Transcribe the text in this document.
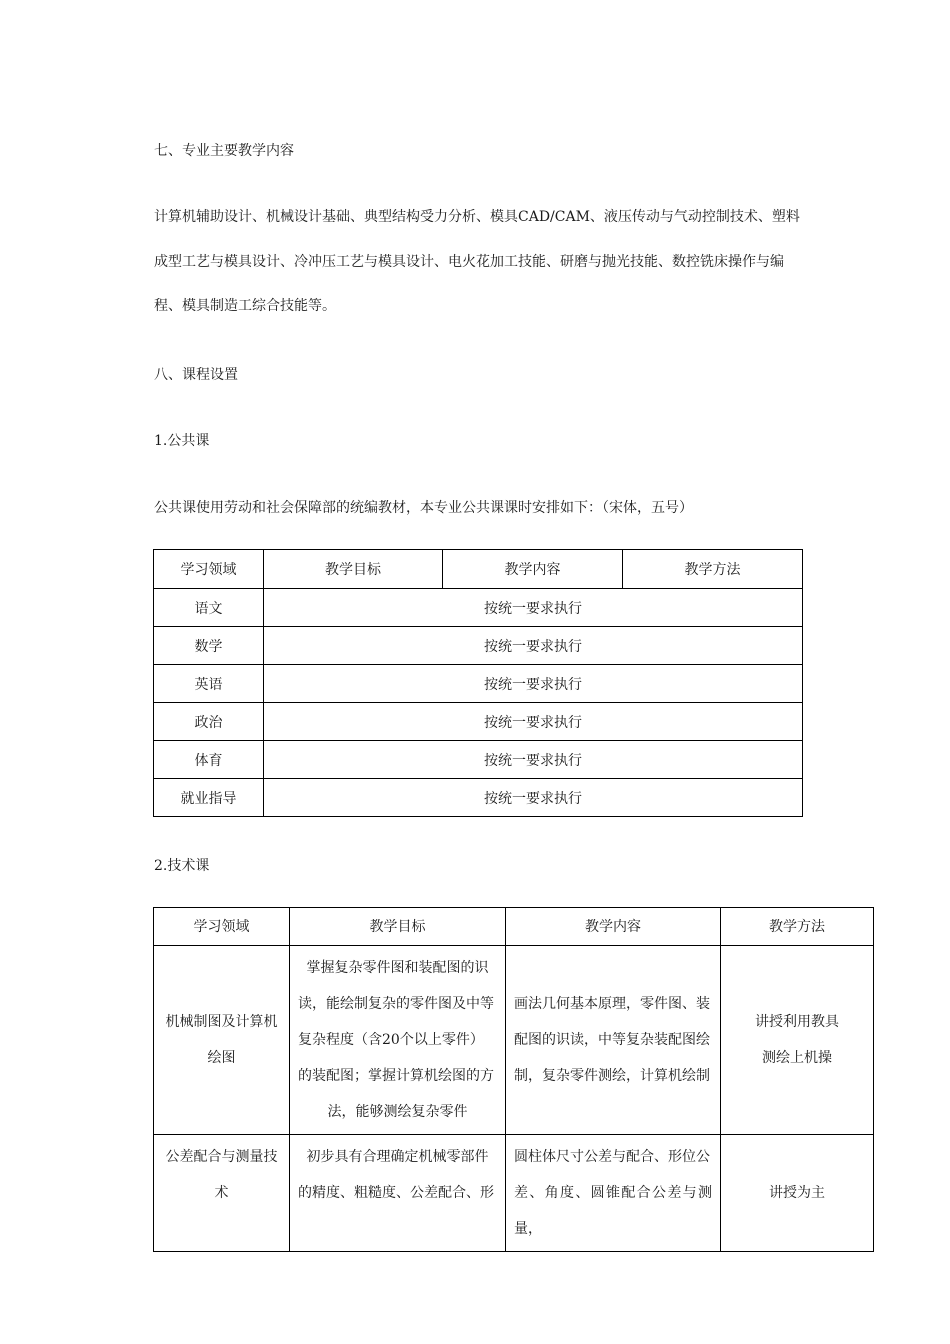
七、专业主要教学内容
计算机辅助设计、机械设计基础、典型结构受力分析、模具CAD/CAM、液压传动与气动控制技术、塑料
成型工艺与模具设计、冷冲压工艺与模具设计、电火花加工技能、研磨与抛光技能、数控铣床操作与编
程、模具制造工综合技能等。
八、课程设置
1.公共课
公共课使用劳动和社会保障部的统编教材，本专业公共课课时安排如下：（宋体，五号）
学习领域	教学目标	教学内容	教学方法
语文	按统一要求执行		
数学	按统一要求执行		
英语	按统一要求执行		
政治	按统一要求执行		
体育	按统一要求执行		
就业指导	按统一要求执行		
2.技术课
学习领域	教学目标	教学内容	教学方法

机械制图及计算机
绘图	掌握复杂零件图和装配图的识
读，能绘制复杂的零件图及中等
复杂程度（含20个以上零件）
的装配图；掌握计算机绘图的方
法，能够测绘复杂零件	画法几何基本原理，零件图、装
配图的识读，中等复杂装配图绘
制，复杂零件测绘，计算机绘制	讲授利用教具
测绘上机操

公差配合与测量技
术	初步具有合理确定机械零部件
的精度、粗糙度、公差配合、形	圆柱体尺寸公差与配合、形位公
差、角度、圆锥配合公差与测量，	讲授为主
